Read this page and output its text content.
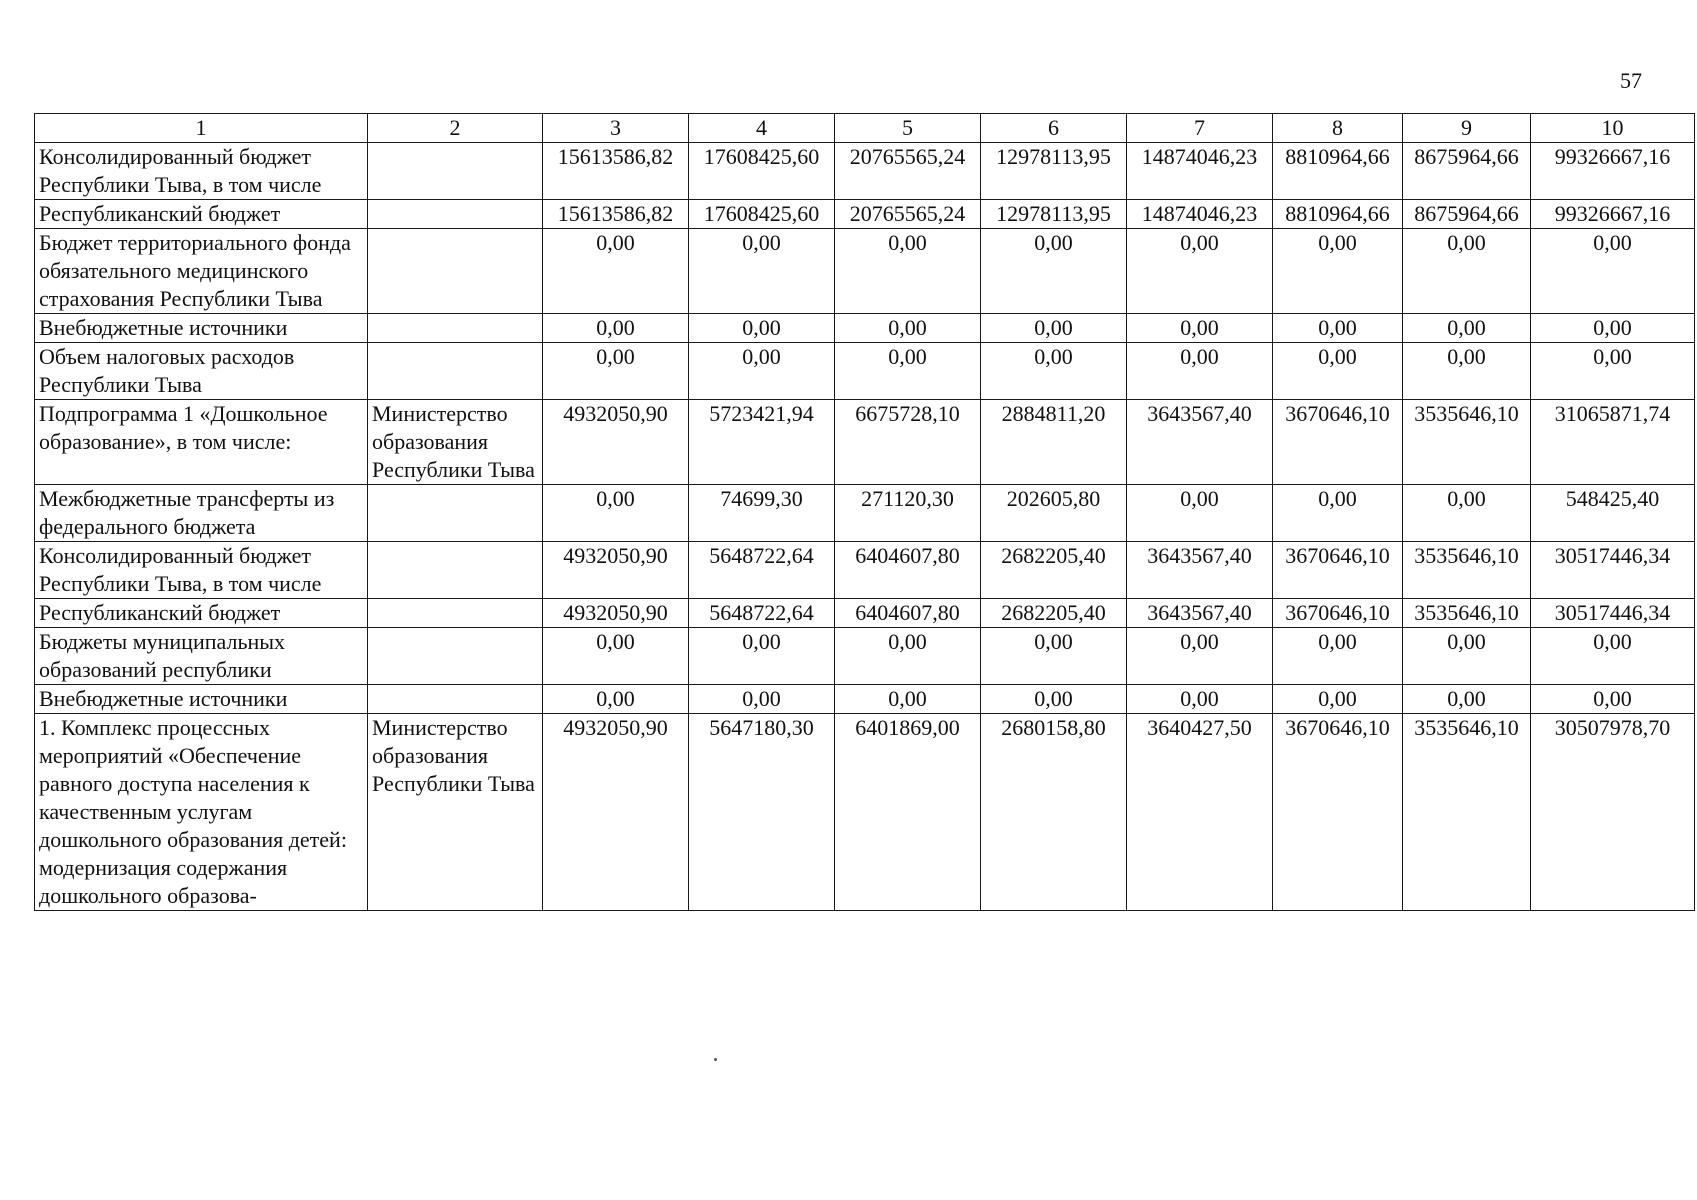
57
1	2	3	4	5	6	7	8	9	10
Консолидированный бюджет Республики Тыва, в том числе		15613586,82	17608425,60	20765565,24	12978113,95	14874046,23	8810964,66	8675964,66	99326667,16
Республиканский бюджет		15613586,82	17608425,60	20765565,24	12978113,95	14874046,23	8810964,66	8675964,66	99326667,16
Бюджет территориального фонда обязательного медицинского страхования Республики Тыва		0,00	0,00	0,00	0,00	0,00	0,00	0,00	0,00
Внебюджетные источники		0,00	0,00	0,00	0,00	0,00	0,00	0,00	0,00
Объем налоговых расходов Республики Тыва		0,00	0,00	0,00	0,00	0,00	0,00	0,00	0,00
Подпрограмма 1 «Дошкольное образование», в том числе:	Министерство образования Республики Тыва	4932050,90	5723421,94	6675728,10	2884811,20	3643567,40	3670646,10	3535646,10	31065871,74
Межбюджетные трансферты из федерального бюджета		0,00	74699,30	271120,30	202605,80	0,00	0,00	0,00	548425,40
Консолидированный бюджет Республики Тыва, в том числе		4932050,90	5648722,64	6404607,80	2682205,40	3643567,40	3670646,10	3535646,10	30517446,34
Республиканский бюджет		4932050,90	5648722,64	6404607,80	2682205,40	3643567,40	3670646,10	3535646,10	30517446,34
Бюджеты муниципальных образований республики		0,00	0,00	0,00	0,00	0,00	0,00	0,00	0,00
Внебюджетные источники		0,00	0,00	0,00	0,00	0,00	0,00	0,00	0,00
1. Комплекс процессных мероприятий «Обеспечение равного доступа населения к качественным услугам дошкольного образования детей: модернизация содержания дошкольного образова-	Министерство образования Республики Тыва	4932050,90	5647180,30	6401869,00	2680158,80	3640427,50	3670646,10	3535646,10	30507978,70
